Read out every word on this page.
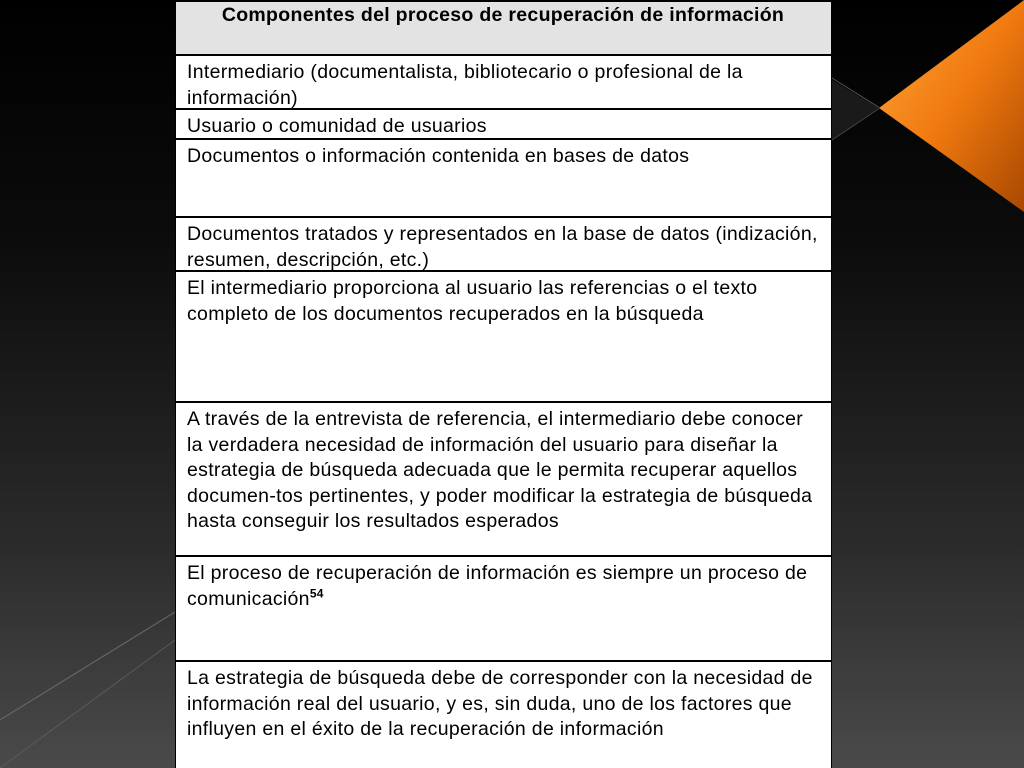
Componentes del proceso de recuperación de información
Intermediario (documentalista, bibliotecario o profesional de la información)
Usuario o comunidad de usuarios
Documentos o información contenida en bases de datos
Documentos tratados y representados en la base de datos (indización, resumen, descripción, etc.)
El intermediario proporciona al usuario las referencias o el texto completo de los documentos recuperados en la búsqueda
A través de la entrevista de referencia, el intermediario debe conocer la verdadera necesidad de información del usuario para diseñar la estrategia de búsqueda adecuada que le permita recuperar aquellos documen-tos pertinentes, y poder modificar la estrategia de búsqueda hasta conseguir los resultados esperados
El proceso de recuperación de información es siempre un proceso de comunicación$^{54}$
La estrategia de búsqueda debe de corresponder con la necesidad de información real del usuario, y es, sin duda, uno de los factores que influyen en el éxito de la recuperación de información
